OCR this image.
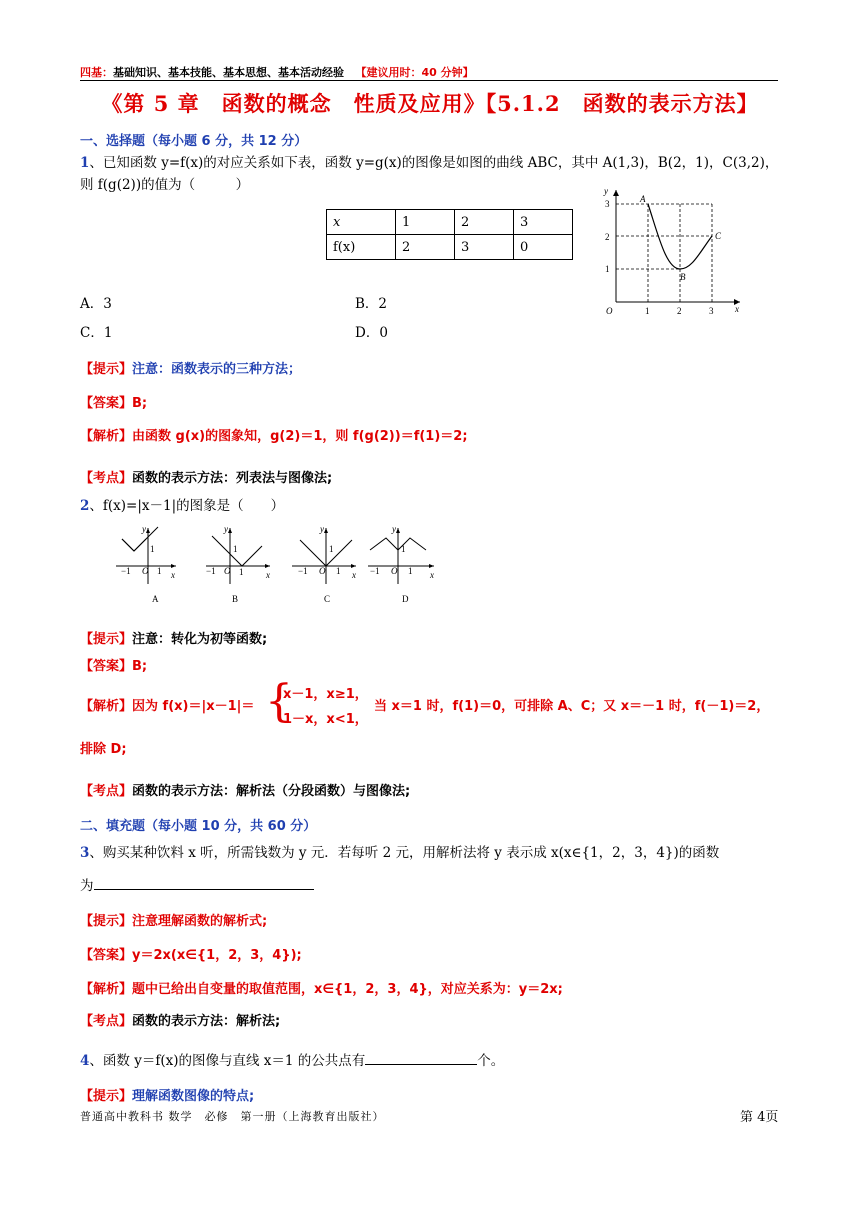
四基：基础知识、基本技能、基本思想、基本活动经验 【建议用时：40 分钟】
《第 5 章　函数的概念　性质及应用》【5.1.2　函数的表示方法】
一、选择题（每小题 6 分，共 12 分）
1、已知函数 y=f(x)的对应关系如下表，函数 y=g(x)的图像是如图的曲线 ABC，其中 A(1,3)，B(2，1)，C(3,2)，
则 f(g(2))的值为（　　　）
x	1	2	3
f(x)	2	3	0
y
x
O
3
2
1
1	2	3
A
B
C
A．3	B．2
C．1	D．0
【提示】注意：函数表示的三种方法；
【答案】B;
【解析】由函数 g(x)的图象知，g(2)＝1，则 f(g(2))＝f(1)＝2;
【考点】函数的表示方法：列表法与图像法;
2、f(x)=|x－1|的图象是（　　）
y
x
−1 O 1
1
A
y
x
−1 O 1
1
B
y
x
−1 O 1
1
C
y
x
−1 O 1
1
D
【提示】注意：转化为初等函数;
【答案】B;
【解析】因为 f(x)＝|x－1|＝ {
x－1，x≥1，
1－x，x<1，
当 x＝1 时，f(1)＝0，可排除 A、C；又 x＝－1 时，f(－1)＝2，
排除 D;
【考点】函数的表示方法：解析法（分段函数）与图像法;
二、填充题（每小题 10 分，共 60 分）
3、购买某种饮料 x 听，所需钱数为 y 元．若每听 2 元，用解析法将 y 表示成 x(x∈{1，2，3，4})的函数
为
【提示】注意理解函数的解析式;
【答案】y＝2x(x∈{1，2，3，4});
【解析】题中已给出自变量的取值范围，x∈{1，2，3，4}，对应关系为：y＝2x;
【考点】函数的表示方法：解析法;
4、函数 y＝f(x)的图像与直线 x＝1 的公共点有	个。
【提示】理解函数图像的特点;
普通高中教科书 数学　必修　第一册（上海教育出版社）	第 4页
